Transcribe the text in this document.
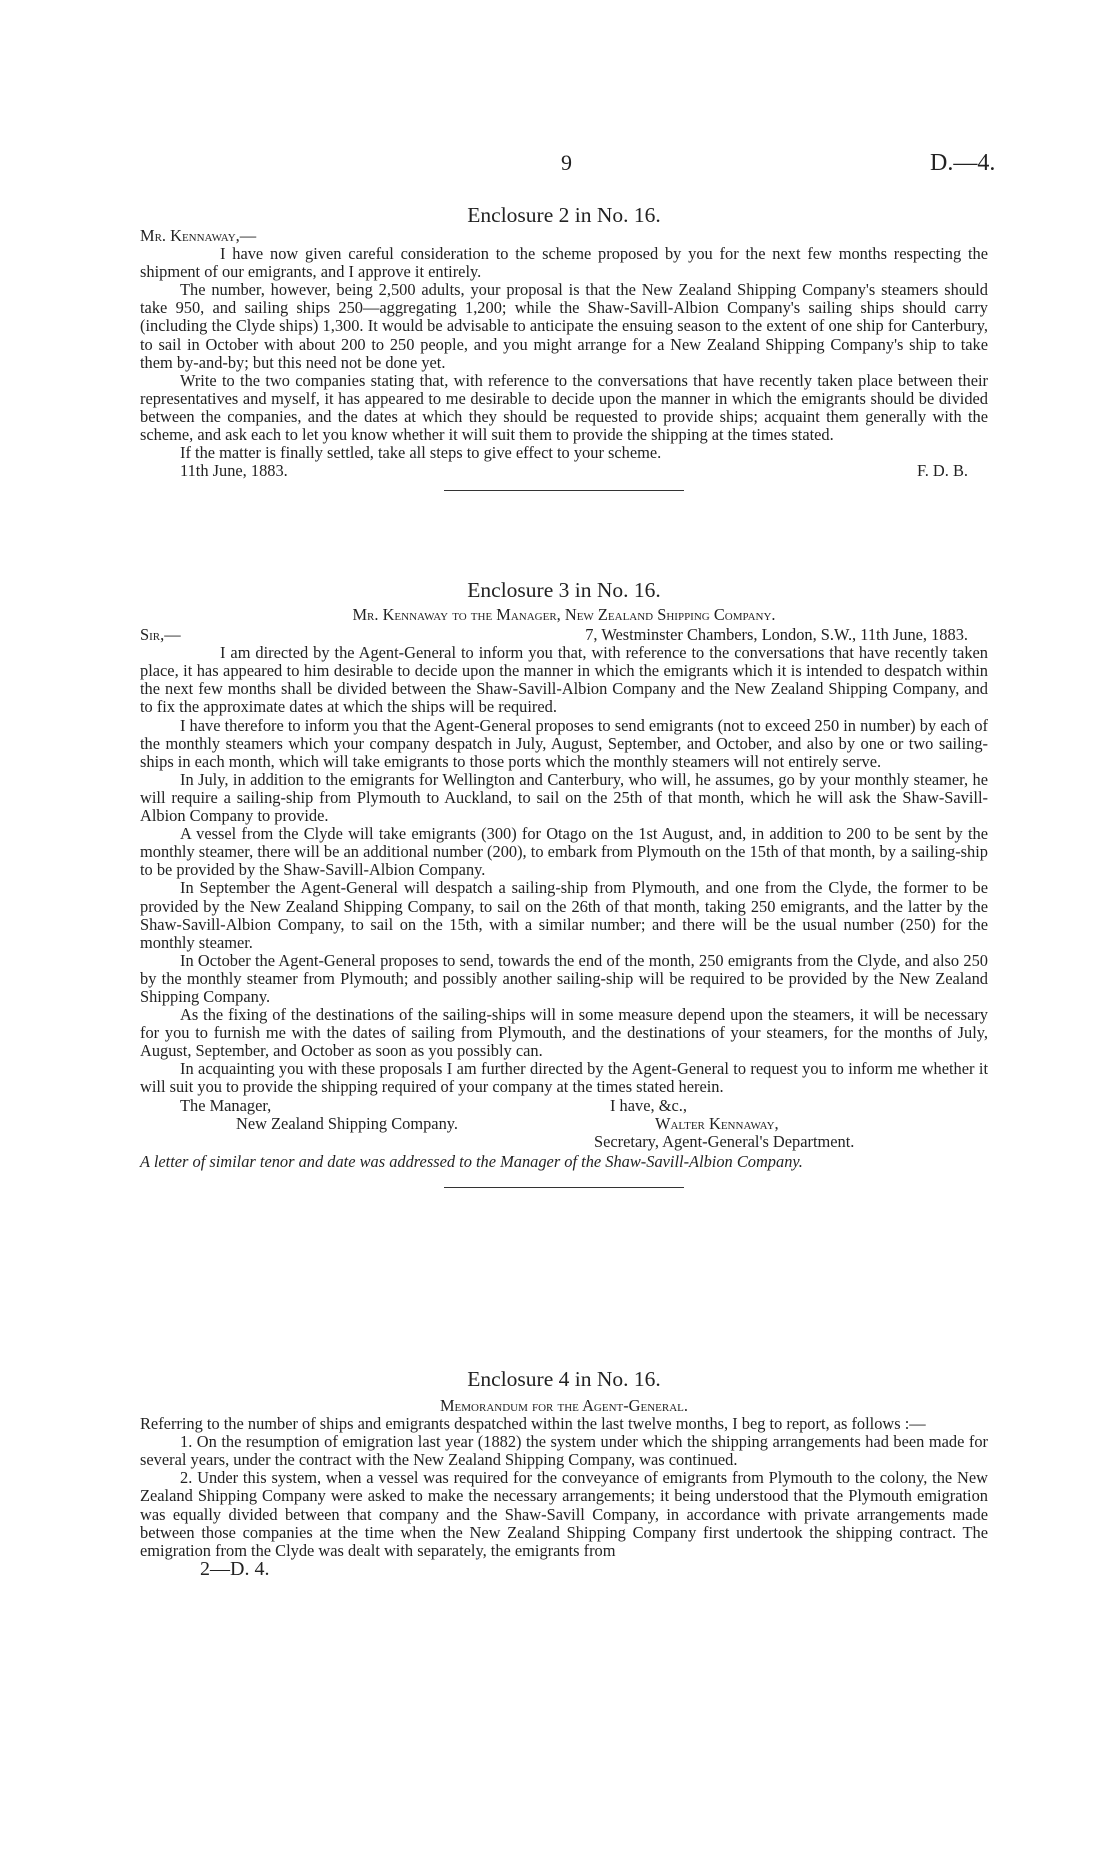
9	D.—4.
Enclosure 2 in No. 16.
Mr. Kennaway,—

I have now given careful consideration to the scheme proposed by you for the next few months respecting the shipment of our emigrants, and I approve it entirely.

The number, however, being 2,500 adults, your proposal is that the New Zealand Shipping Company's steamers should take 950, and sailing ships 250—aggregating 1,200; while the Shaw-Savill-Albion Company's sailing ships should carry (including the Clyde ships) 1,300. It would be advisable to anticipate the ensuing season to the extent of one ship for Canterbury, to sail in October with about 200 to 250 people, and you might arrange for a New Zealand Shipping Company's ship to take them by-and-by; but this need not be done yet.

Write to the two companies stating that, with reference to the conversations that have recently taken place between their representatives and myself, it has appeared to me desirable to decide upon the manner in which the emigrants should be divided between the companies, and the dates at which they should be requested to provide ships; acquaint them generally with the scheme, and ask each to let you know whether it will suit them to provide the shipping at the times stated.

If the matter is finally settled, take all steps to give effect to your scheme.

11th June, 1883.	F. D. B.
Enclosure 3 in No. 16.
Mr. Kennaway to the Manager, New Zealand Shipping Company.
Sir,—	7, Westminster Chambers, London, S.W., 11th June, 1883.

I am directed by the Agent-General to inform you that, with reference to the conversations that have recently taken place, it has appeared to him desirable to decide upon the manner in which the emigrants which it is intended to despatch within the next few months shall be divided between the Shaw-Savill-Albion Company and the New Zealand Shipping Company, and to fix the approximate dates at which the ships will be required.

I have therefore to inform you that the Agent-General proposes to send emigrants (not to exceed 250 in number) by each of the monthly steamers which your company despatch in July, August, September, and October, and also by one or two sailing-ships in each month, which will take emigrants to those ports which the monthly steamers will not entirely serve.

In July, in addition to the emigrants for Wellington and Canterbury, who will, he assumes, go by your monthly steamer, he will require a sailing-ship from Plymouth to Auckland, to sail on the 25th of that month, which he will ask the Shaw-Savill-Albion Company to provide.

A vessel from the Clyde will take emigrants (300) for Otago on the 1st August, and, in addition to 200 to be sent by the monthly steamer, there will be an additional number (200), to embark from Plymouth on the 15th of that month, by a sailing-ship to be provided by the Shaw-Savill-Albion Company.

In September the Agent-General will despatch a sailing-ship from Plymouth, and one from the Clyde, the former to be provided by the New Zealand Shipping Company, to sail on the 26th of that month, taking 250 emigrants, and the latter by the Shaw-Savill-Albion Company, to sail on the 15th, with a similar number; and there will be the usual number (250) for the monthly steamer.

In October the Agent-General proposes to send, towards the end of the month, 250 emigrants from the Clyde, and also 250 by the monthly steamer from Plymouth; and possibly another sailing-ship will be required to be provided by the New Zealand Shipping Company.

As the fixing of the destinations of the sailing-ships will in some measure depend upon the steamers, it will be necessary for you to furnish me with the dates of sailing from Plymouth, and the destinations of your steamers, for the months of July, August, September, and October as soon as you possibly can.

In acquainting you with these proposals I am further directed by the Agent-General to request you to inform me whether it will suit you to provide the shipping required of your company at the times stated herein.

The Manager,
New Zealand Shipping Company.
I have, &c.,
Walter Kennaway,
Secretary, Agent-General's Department.
A letter of similar tenor and date was addressed to the Manager of the Shaw-Savill-Albion Company.
Enclosure 4 in No. 16.
Memorandum for the Agent-General.

Referring to the number of ships and emigrants despatched within the last twelve months, I beg to report, as follows :—

1. On the resumption of emigration last year (1882) the system under which the shipping arrangements had been made for several years, under the contract with the New Zealand Shipping Company, was continued.

2. Under this system, when a vessel was required for the conveyance of emigrants from Plymouth to the colony, the New Zealand Shipping Company were asked to make the necessary arrangements; it being understood that the Plymouth emigration was equally divided between that company and the Shaw-Savill Company, in accordance with private arrangements made between those companies at the time when the New Zealand Shipping Company first undertook the shipping contract. The emigration from the Clyde was dealt with separately, the emigrants from

2—D. 4.
